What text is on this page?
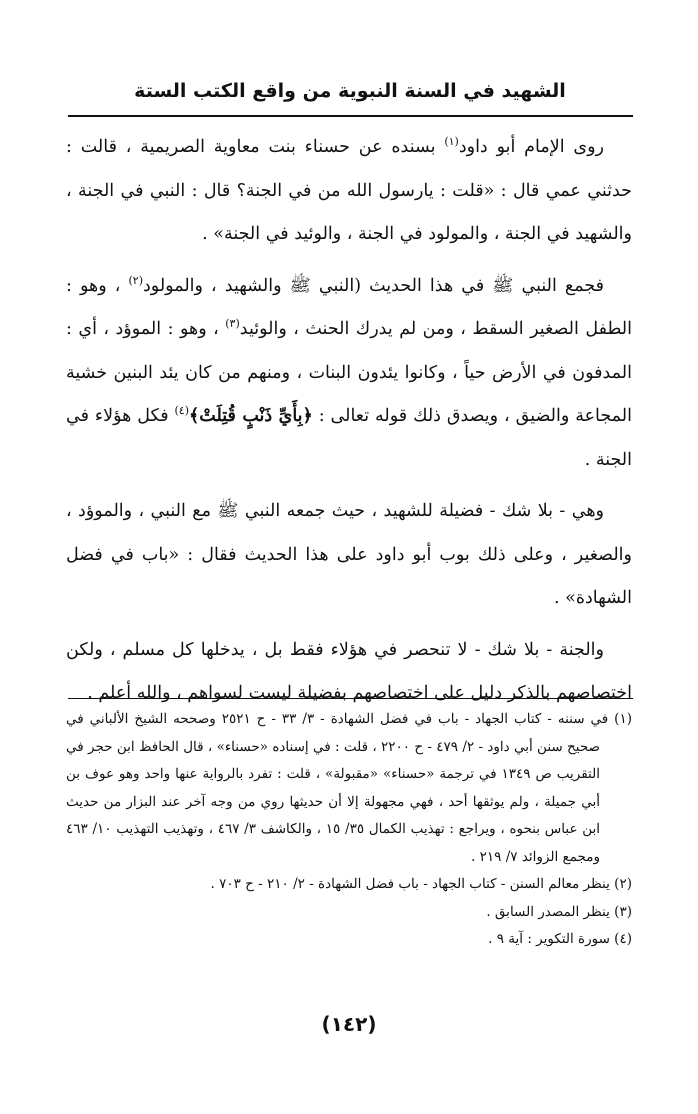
الشهيد في السنة النبوية من واقع الكتب الستة

روى الإمام أبو داود$^{(١)}$ بسنده عن حسناء بنت معاوية الصريمية ، قالت : حدثني عمي قال : «قلت : يارسول الله من في الجنة؟ قال : النبي في الجنة ، والشهيد في الجنة ، والمولود في الجنة ، والوئيد في الجنة» .

فجمع النبي ﷺ في هذا الحديث (النبي ﷺ والشهيد ، والمولود$^{(٢)}$ ، وهو : الطفل الصغير السقط ، ومن لم يدرك الحنث ، والوئيد$^{(٣)}$ ، وهو : الموؤد ، أي : المدفون في الأرض حياً ، وكانوا يئدون البنات ، ومنهم من كان يئد البنين خشية المجاعة والضيق ، ويصدق ذلك قوله تعالى : ﴿بِأَيِّ ذَنْبٍ قُتِلَتْ﴾$^{(٤)}$ فكل هؤلاء في الجنة .

وهي - بلا شك - فضيلة للشهيد ، حيث جمعه النبي ﷺ مع النبي ، والموؤد ، والصغير ، وعلى ذلك بوب أبو داود على هذا الحديث فقال : «باب في فضل الشهادة» .

والجنة - بلا شك - لا تنحصر في هؤلاء فقط بل ، يدخلها كل مسلم ، ولكن اختصاصهم بالذكر دليل على اختصاصهم بفضيلة ليست لسواهم ، والله أعلم .

(١) في سننه - كتاب الجهاد - باب في فضل الشهادة - ٣/ ٣٣ - ح ٢٥٢١ وصححه الشيخ الألباني في صحيح سنن أبي داود - ٢/ ٤٧٩ - ح ٢٢٠٠ ، قلت : في إسناده «حسناء» ، قال الحافظ ابن حجر في التقريب ص ١٣٤٩ في ترجمة «حسناء» «مقبولة» ، قلت : تفرد بالرواية عنها واحد وهو عوف بن أبي جميلة ، ولم يوثقها أحد ، فهي مجهولة إلا أن حديثها روي من وجه آخر عند البزار من حديث ابن عباس بنحوه ، ويراجع : تهذيب الكمال ٣٥/ ١٥ ، والكاشف ٣/ ٤٦٧ ، وتهذيب التهذيب ١٠/ ٤٦٣ ومجمع الزوائد ٧/ ٢١٩ .

(٢) ينظر معالم السنن - كتاب الجهاد - باب فضل الشهادة - ٢/ ٢١٠ - ح ٧٠٣ .

(٣) ينظر المصدر السابق .

(٤) سورة التكوير : آية ٩ .

(١٤٢)
